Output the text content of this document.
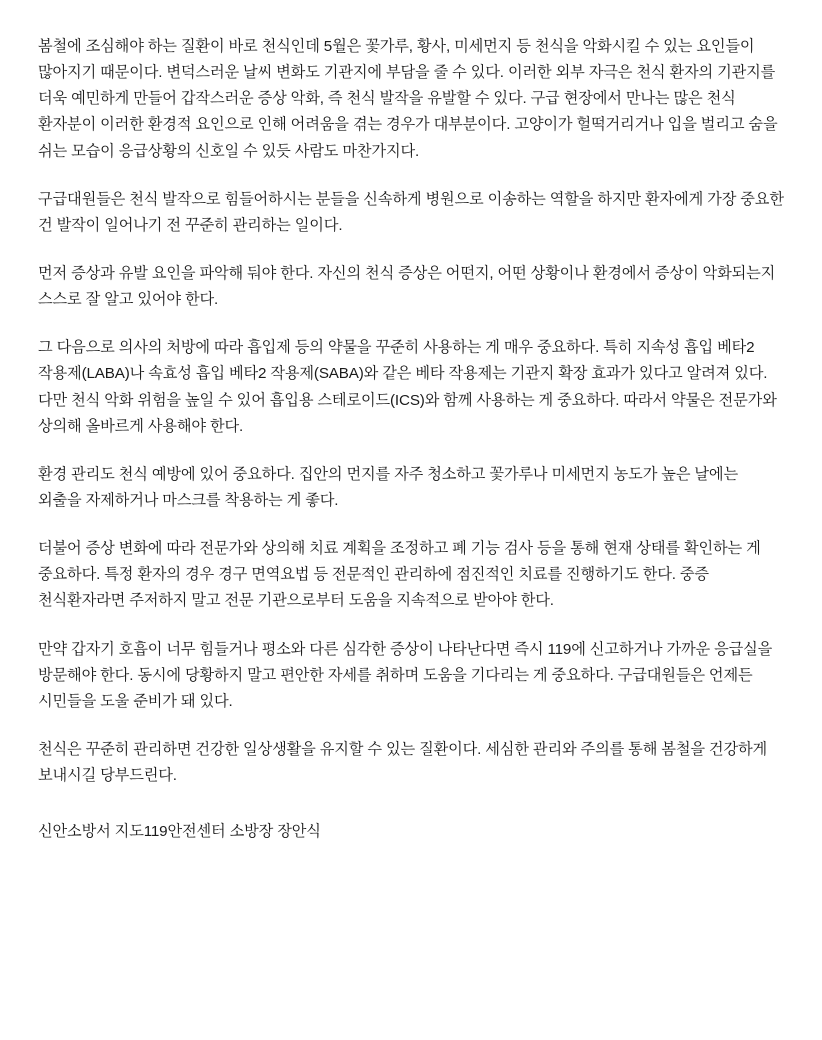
봄철에 조심해야 하는 질환이 바로 천식인데 5월은 꽃가루, 황사, 미세먼지 등 천식을 악화시킬 수 있는 요인들이 많아지기 때문이다. 변덕스러운 날씨 변화도 기관지에 부담을 줄 수 있다. 이러한 외부 자극은 천식 환자의 기관지를 더욱 예민하게 만들어 갑작스러운 증상 악화, 즉 천식 발작을 유발할 수 있다. 구급 현장에서 만나는 많은 천식 환자분이 이러한 환경적 요인으로 인해 어려움을 겪는 경우가 대부분이다. 고양이가 헐떡거리거나 입을 벌리고 숨을 쉬는 모습이 응급상황의 신호일 수 있듯 사람도 마찬가지다.

구급대원들은 천식 발작으로 힘들어하시는 분들을 신속하게 병원으로 이송하는 역할을 하지만 환자에게 가장 중요한 건 발작이 일어나기 전 꾸준히 관리하는 일이다.

먼저 증상과 유발 요인을 파악해 둬야 한다. 자신의 천식 증상은 어떤지, 어떤 상황이나 환경에서 증상이 악화되는지 스스로 잘 알고 있어야 한다.

그 다음으로 의사의 처방에 따라 흡입제 등의 약물을 꾸준히 사용하는 게 매우 중요하다. 특히 지속성 흡입 베타2 작용제(LABA)나 속효성 흡입 베타2 작용제(SABA)와 같은 베타 작용제는 기관지 확장 효과가 있다고 알려져 있다. 다만 천식 악화 위험을 높일 수 있어 흡입용 스테로이드(ICS)와 함께 사용하는 게 중요하다. 따라서 약물은 전문가와 상의해 올바르게 사용해야 한다.

환경 관리도 천식 예방에 있어 중요하다. 집안의 먼지를 자주 청소하고 꽃가루나 미세먼지 농도가 높은 날에는 외출을 자제하거나 마스크를 착용하는 게 좋다.

더불어 증상 변화에 따라 전문가와 상의해 치료 계획을 조정하고 폐 기능 검사 등을 통해 현재 상태를 확인하는 게 중요하다. 특정 환자의 경우 경구 면역요법 등 전문적인 관리하에 점진적인 치료를 진행하기도 한다. 중증 천식환자라면 주저하지 말고 전문 기관으로부터 도움을 지속적으로 받아야 한다.

만약 갑자기 호흡이 너무 힘들거나 평소와 다른 심각한 증상이 나타난다면 즉시 119에 신고하거나 가까운 응급실을 방문해야 한다. 동시에 당황하지 말고 편안한 자세를 취하며 도움을 기다리는 게 중요하다. 구급대원들은 언제든 시민들을 도울 준비가 돼 있다.

천식은 꾸준히 관리하면 건강한 일상생활을 유지할 수 있는 질환이다. 세심한 관리와 주의를 통해 봄철을 건강하게 보내시길 당부드린다.

신안소방서 지도119안전센터 소방장 장안식
